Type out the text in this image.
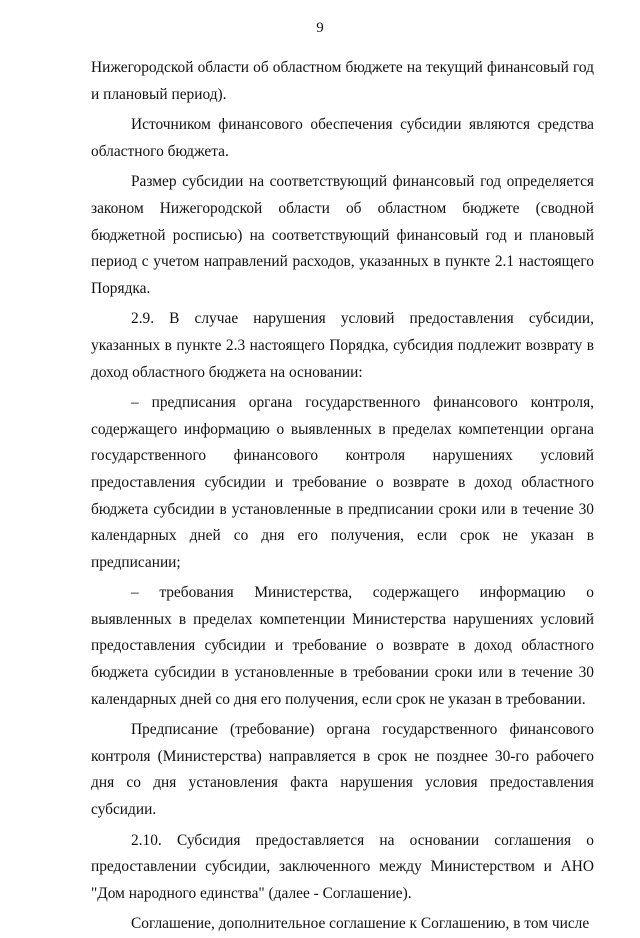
9

Нижегородской области об областном бюджете на текущий финансовый год и плановый период).

Источником финансового обеспечения субсидии являются средства областного бюджета.

Размер субсидии на соответствующий финансовый год определяется законом Нижегородской области об областном бюджете (сводной бюджетной росписью) на соответствующий финансовый год и плановый период с учетом направлений расходов, указанных в пункте 2.1 настоящего Порядка.

2.9. В случае нарушения условий предоставления субсидии, указанных в пункте 2.3 настоящего Порядка, субсидия подлежит возврату в доход областного бюджета на основании:

– предписания органа государственного финансового контроля, содержащего информацию о выявленных в пределах компетенции органа государственного финансового контроля нарушениях условий предоставления субсидии и требование о возврате в доход областного бюджета субсидии в установленные в предписании сроки или в течение 30 календарных дней со дня его получения, если срок не указан в предписании;

– требования Министерства, содержащего информацию о выявленных в пределах компетенции Министерства нарушениях условий предоставления субсидии и требование о возврате в доход областного бюджета субсидии в установленные в требовании сроки или в течение 30 календарных дней со дня его получения, если срок не указан в требовании.

Предписание (требование) органа государственного финансового контроля (Министерства) направляется в срок не позднее 30-го рабочего дня со дня установления факта нарушения условия предоставления субсидии.

2.10. Субсидия предоставляется на основании соглашения о предоставлении субсидии, заключенного между Министерством и АНО "Дом народного единства" (далее - Соглашение).

Соглашение, дополнительное соглашение к Соглашению, в том числе
